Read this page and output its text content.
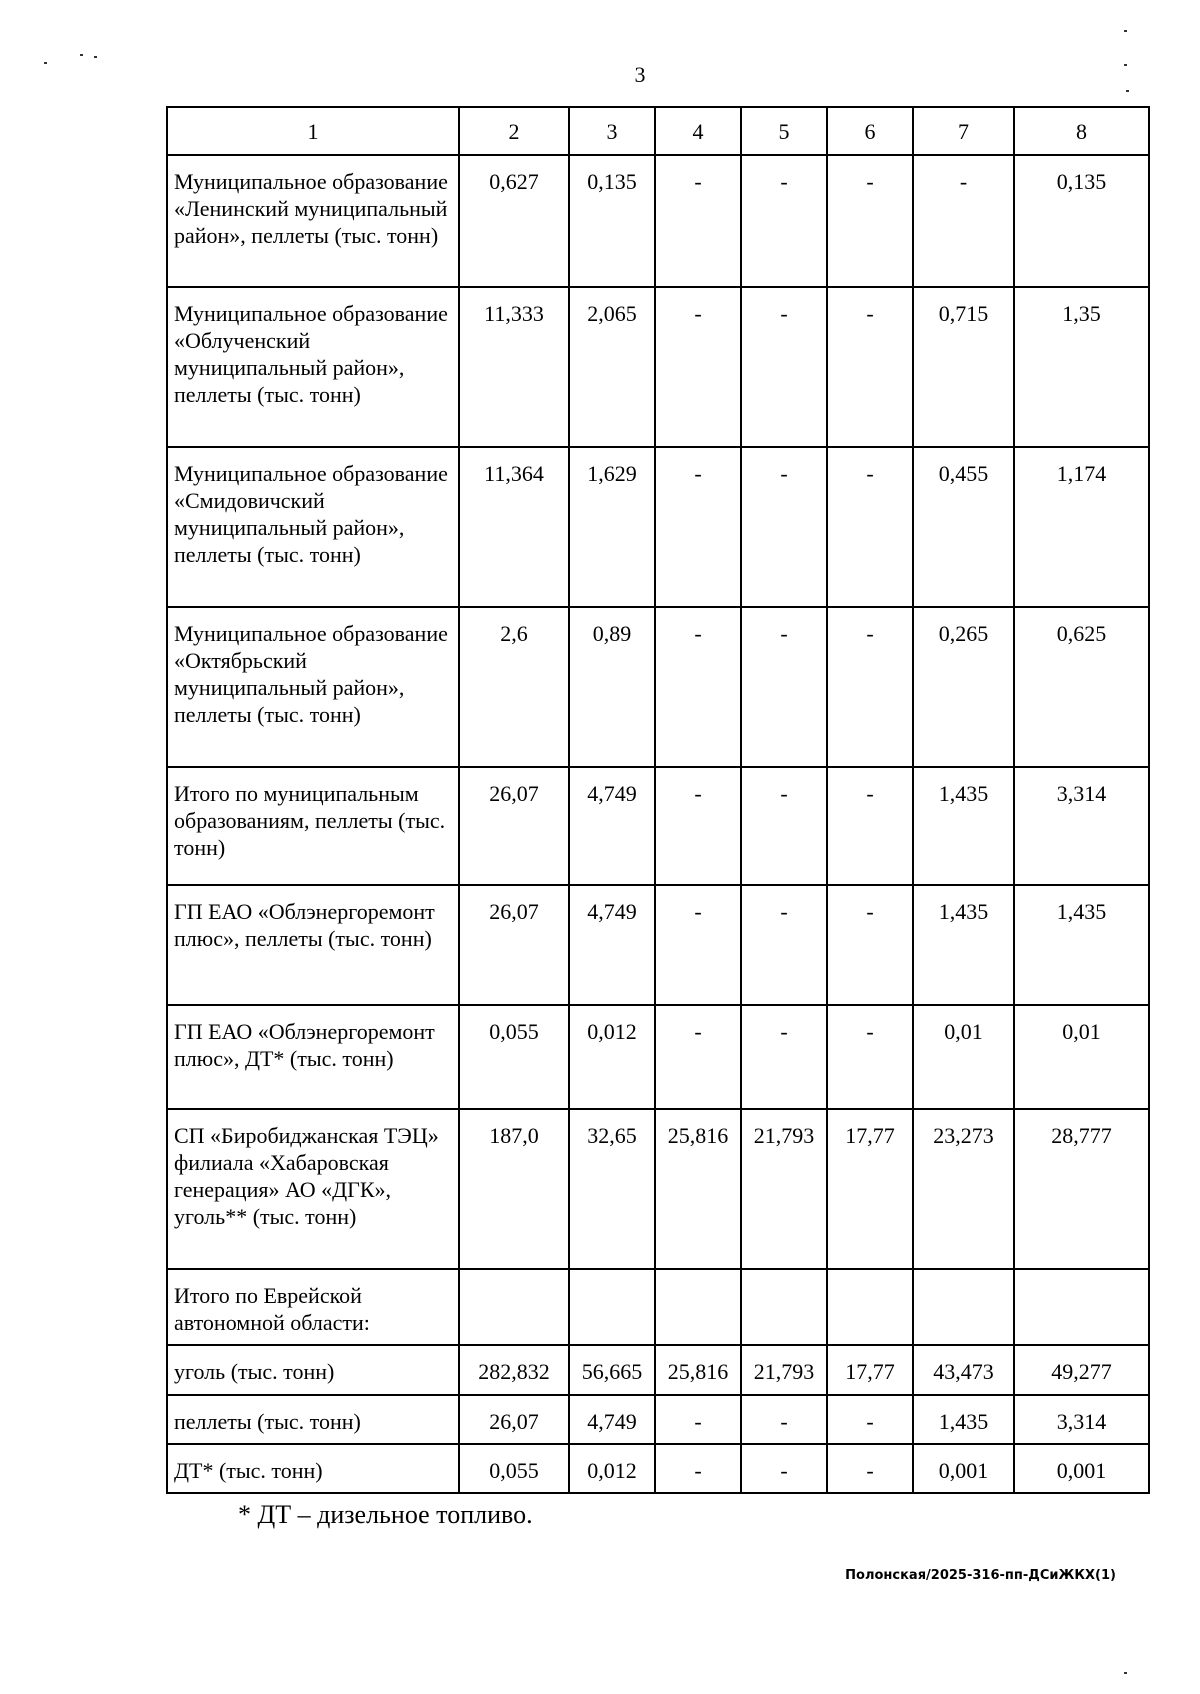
3
1	2	3	4	5	6	7	8
Муниципальное образование «Ленинский муниципальный район», пеллеты (тыс. тонн)	0,627	0,135	-	-	-	-	0,135
Муниципальное образование «Облученский муниципальный район», пеллеты (тыс. тонн)	11,333	2,065	-	-	-	0,715	1,35
Муниципальное образование «Смидовичский муниципальный район», пеллеты (тыс. тонн)	11,364	1,629	-	-	-	0,455	1,174
Муниципальное образование «Октябрьский муниципальный район», пеллеты (тыс. тонн)	2,6	0,89	-	-	-	0,265	0,625
Итого по муниципальным образованиям, пеллеты (тыс. тонн)	26,07	4,749	-	-	-	1,435	3,314
ГП ЕАО «Облэнергоремонт плюс», пеллеты (тыс. тонн)	26,07	4,749	-	-	-	1,435	1,435
ГП ЕАО «Облэнергоремонт плюс», ДТ* (тыс. тонн)	0,055	0,012	-	-	-	0,01	0,01
СП «Биробиджанская ТЭЦ» филиала «Хабаровская генерация» АО «ДГК», уголь** (тыс. тонн)	187,0	32,65	25,816	21,793	17,77	23,273	28,777
Итого по Еврейской автономной области:							
уголь (тыс. тонн)	282,832	56,665	25,816	21,793	17,77	43,473	49,277
пеллеты (тыс. тонн)	26,07	4,749	-	-	-	1,435	3,314
ДТ* (тыс. тонн)	0,055	0,012	-	-	-	0,001	0,001
* ДТ – дизельное топливо.
Полонская/2025-316-пп-ДСиЖКХ(1)
